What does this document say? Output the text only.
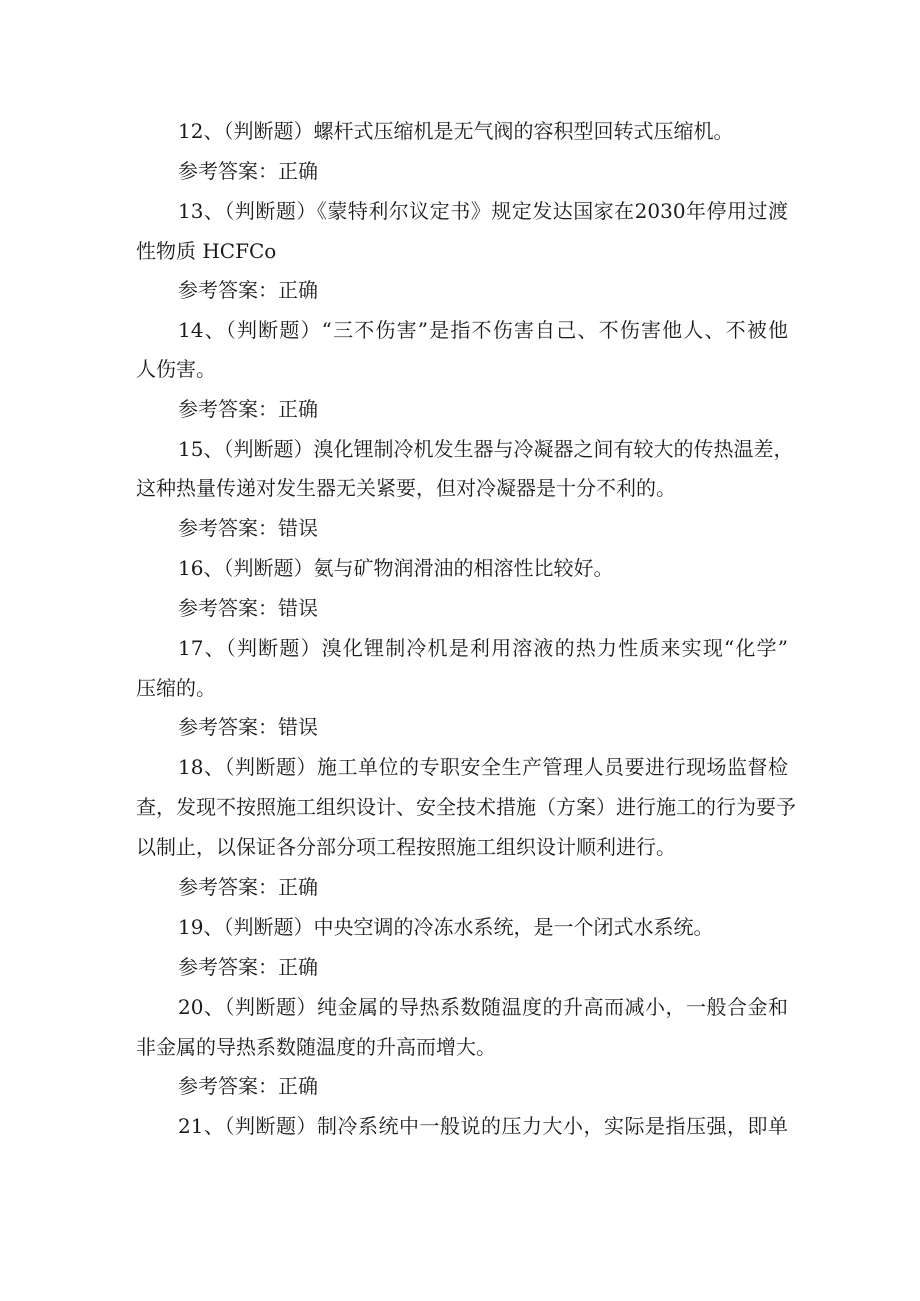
12、（判断题）螺杆式压缩机是无气阀的容积型回转式压缩机。
参考答案：正确
13、（判断题）《蒙特利尔议定书》规定发达国家在2030年停用过渡
性物质 HCFCo
参考答案：正确
14、（判断题）“三不伤害”是指不伤害自己、不伤害他人、不被他
人伤害。
参考答案：正确
15、（判断题）溴化锂制冷机发生器与冷凝器之间有较大的传热温差，
这种热量传递对发生器无关紧要，但对冷凝器是十分不利的。
参考答案：错误
16、（判断题）氨与矿物润滑油的相溶性比较好。
参考答案：错误
17、（判断题）溴化锂制冷机是利用溶液的热力性质来实现“化学”
压缩的。
参考答案：错误
18、（判断题）施工单位的专职安全生产管理人员要进行现场监督检
查，发现不按照施工组织设计、安全技术措施（方案）进行施工的行为要予
以制止，以保证各分部分项工程按照施工组织设计顺利进行。
参考答案：正确
19、（判断题）中央空调的冷冻水系统，是一个闭式水系统。
参考答案：正确
20、（判断题）纯金属的导热系数随温度的升高而减小，一般合金和
非金属的导热系数随温度的升高而增大。
参考答案：正确
21、（判断题）制冷系统中一般说的压力大小，实际是指压强，即单
